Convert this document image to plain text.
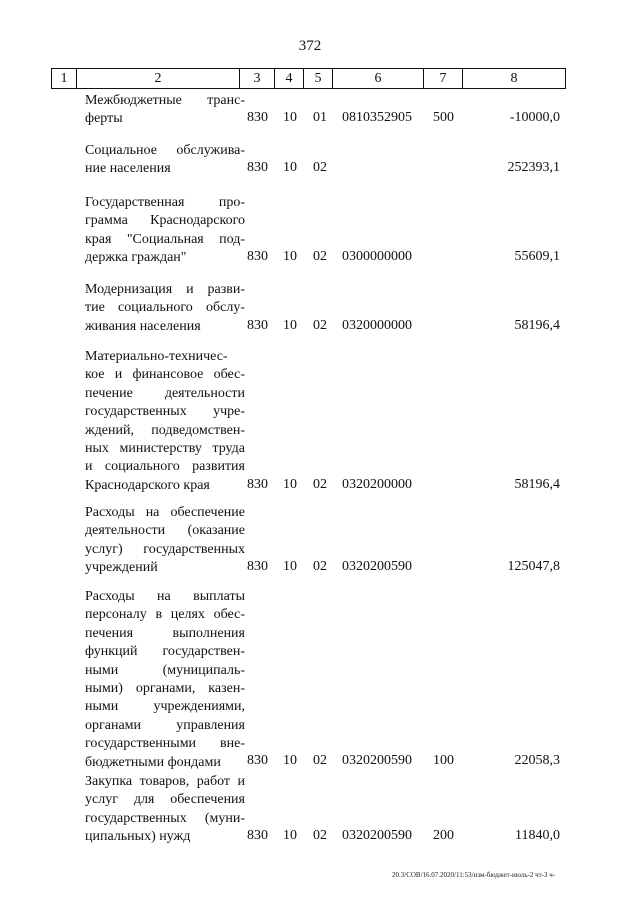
372
1	2	3	4	5	6	7	8
Межбюджетные транс-
ферты	830 10 01 0810352905 500	-10000,0
Социальное обслужива-
ние населения	830 10 02	252393,1
Государственная про-
грамма Краснодарского
края "Социальная под-
держка граждан"	830 10 02 0300000000	55609,1
Модернизация и разви-
тие социального обслу-
живания населения	830 10 02 0320000000	58196,4
Материально-техничес-
кое и финансовое обес-
печение деятельности
государственных учре-
ждений, подведомствен-
ных министерству труда
и социального развития
Краснодарского края	830 10 02 0320200000	58196,4
Расходы на обеспечение
деятельности (оказание
услуг) государственных
учреждений	830 10 02 0320200590	125047,8
Расходы на выплаты
персоналу в целях обес-
печения выполнения
функций государствен-
ными (муниципаль-
ными) органами, казен-
ными учреждениями,
органами управления
государственными вне-
бюджетными фондами	830 10 02 0320200590 100	22058,3
Закупка товаров, работ и
услуг для обеспечения
государственных (муни-
ципальных) нужд	830 10 02 0320200590 200	11840,0
20.3/СОВ/16.07.2020/11:53/изм-бюджет-июль-2 чт-3 ч-
